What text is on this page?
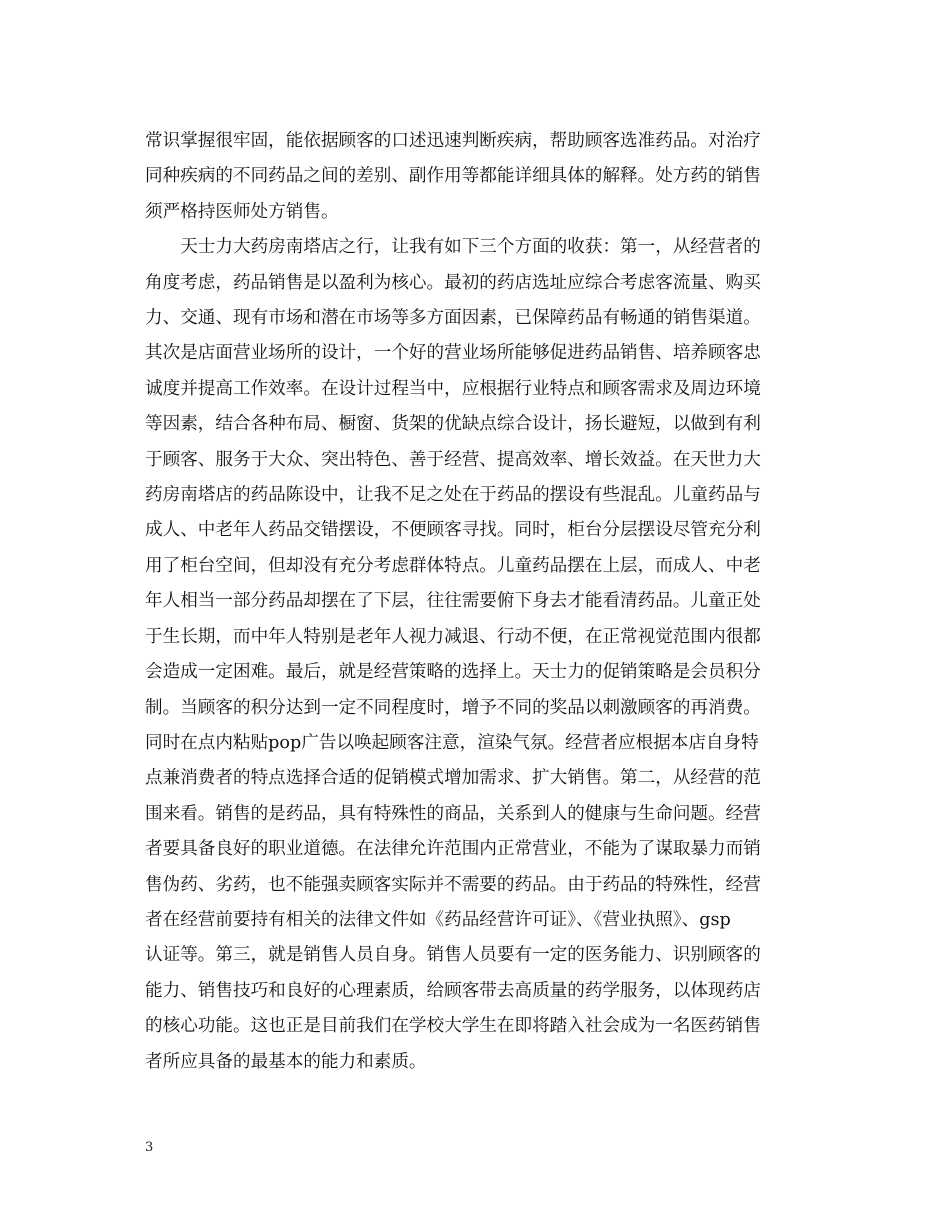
常识掌握很牢固，能依据顾客的口述迅速判断疾病，帮助顾客选准药品。对治疗
同种疾病的不同药品之间的差别、副作用等都能详细具体的解释。处方药的销售
须严格持医师处方销售。

天士力大药房南塔店之行，让我有如下三个方面的收获：第一，从经营者的
角度考虑，药品销售是以盈利为核心。最初的药店选址应综合考虑客流量、购买
力、交通、现有市场和潜在市场等多方面因素，已保障药品有畅通的销售渠道。
其次是店面营业场所的设计，一个好的营业场所能够促进药品销售、培养顾客忠
诚度并提高工作效率。在设计过程当中，应根据行业特点和顾客需求及周边环境
等因素，结合各种布局、橱窗、货架的优缺点综合设计，扬长避短，以做到有利
于顾客、服务于大众、突出特色、善于经营、提高效率、增长效益。在天世力大
药房南塔店的药品陈设中，让我不足之处在于药品的摆设有些混乱。儿童药品与
成人、中老年人药品交错摆设，不便顾客寻找。同时，柜台分层摆设尽管充分利
用了柜台空间，但却没有充分考虑群体特点。儿童药品摆在上层，而成人、中老
年人相当一部分药品却摆在了下层，往往需要俯下身去才能看清药品。儿童正处
于生长期，而中年人特别是老年人视力减退、行动不便，在正常视觉范围内很都
会造成一定困难。最后，就是经营策略的选择上。天士力的促销策略是会员积分
制。当顾客的积分达到一定不同程度时，增予不同的奖品以刺激顾客的再消费。
同时在点内粘贴pop广告以唤起顾客注意，渲染气氛。经营者应根据本店自身特
点兼消费者的特点选择合适的促销模式增加需求、扩大销售。第二，从经营的范
围来看。销售的是药品，具有特殊性的商品，关系到人的健康与生命问题。经营
者要具备良好的职业道德。在法律允许范围内正常营业，不能为了谋取暴力而销
售伪药、劣药，也不能强卖顾客实际并不需要的药品。由于药品的特殊性，经营
者在经营前要持有相关的法律文件如《药品经营许可证》、《营业执照》、gsp
认证等。第三，就是销售人员自身。销售人员要有一定的医务能力、识别顾客的
能力、销售技巧和良好的心理素质，给顾客带去高质量的药学服务，以体现药店
的核心功能。这也正是目前我们在学校大学生在即将踏入社会成为一名医药销售
者所应具备的最基本的能力和素质。

3
